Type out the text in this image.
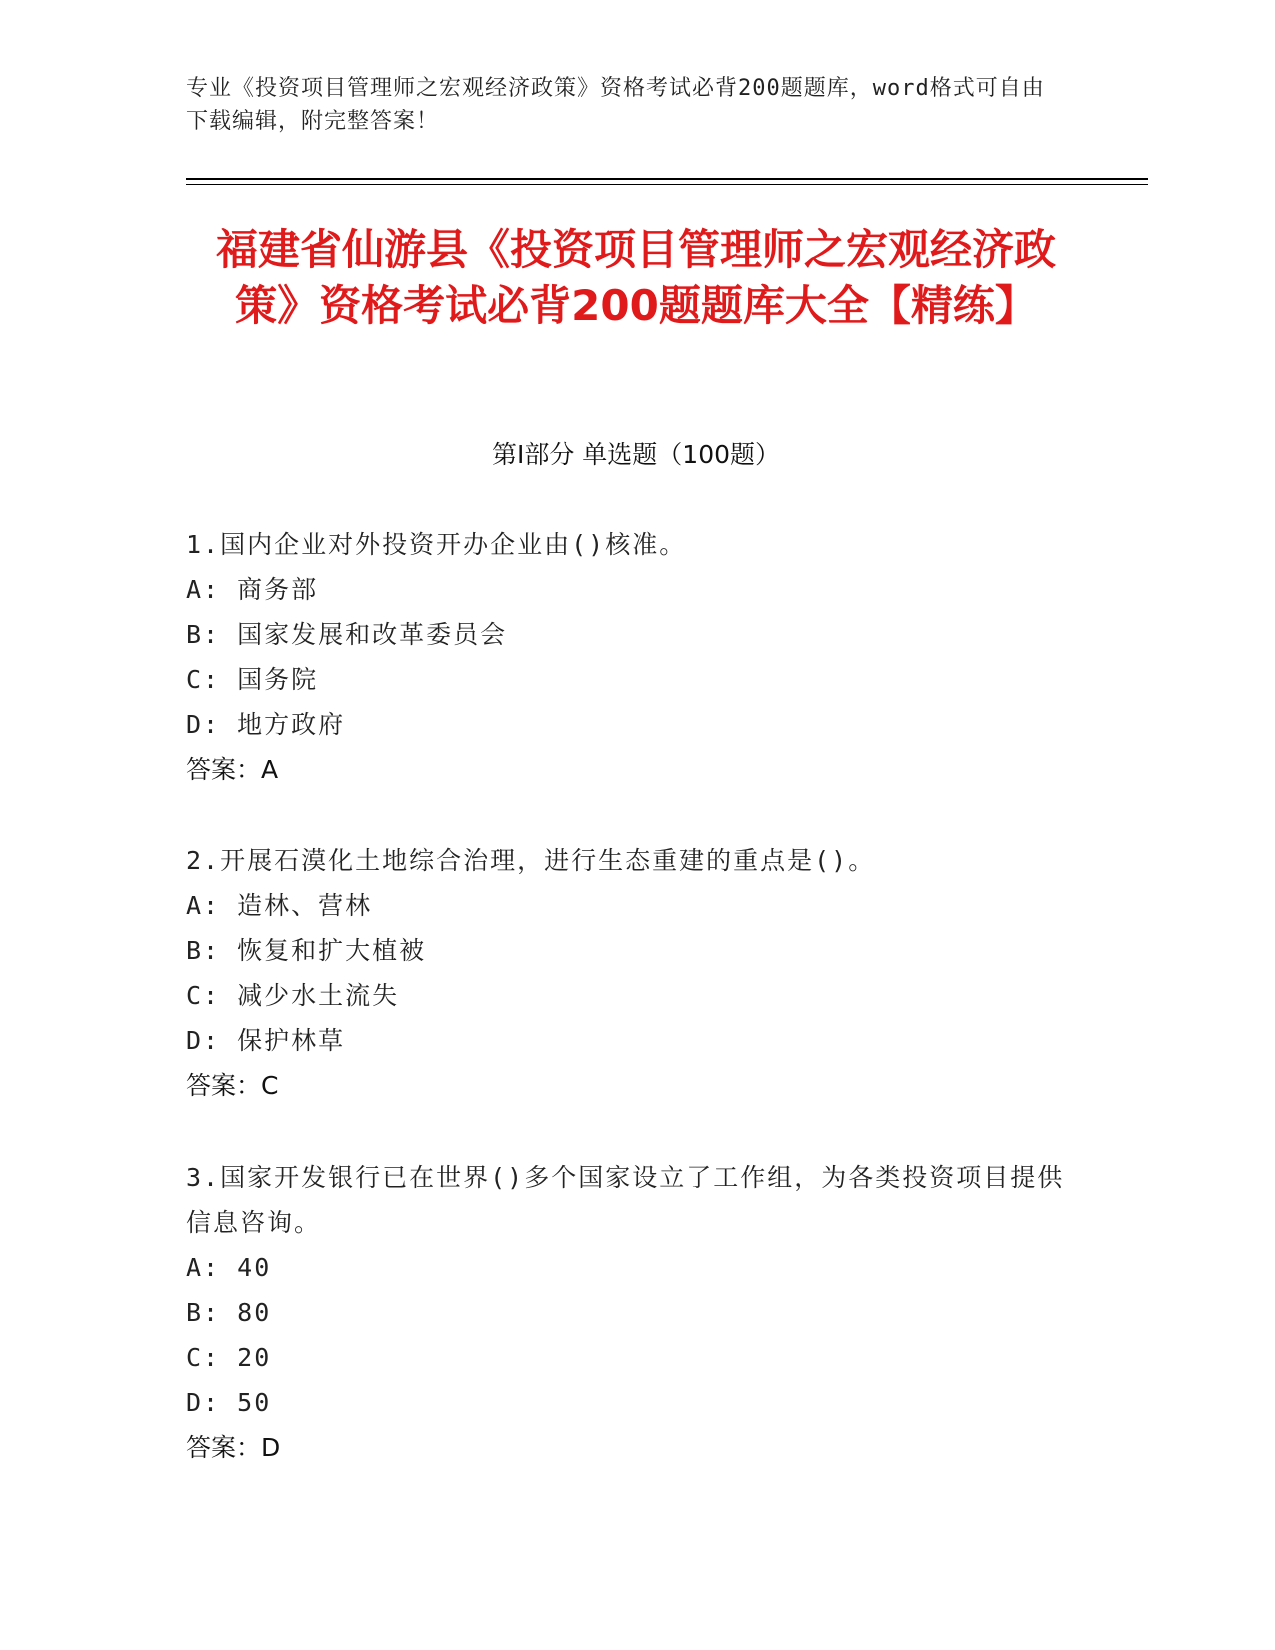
专业《投资项目管理师之宏观经济政策》资格考试必背200题题库，word格式可自由下载编辑，附完整答案！
福建省仙游县《投资项目管理师之宏观经济政策》资格考试必背200题题库大全【精练】
第Ⅰ部分 单选题（100题）
1.国内企业对外投资开办企业由()核准。
A: 商务部
B: 国家发展和改革委员会
C: 国务院
D: 地方政府
答案：A
2.开展石漠化土地综合治理，进行生态重建的重点是()。
A: 造林、营林
B: 恢复和扩大植被
C: 减少水土流失
D: 保护林草
答案：C
3.国家开发银行已在世界()多个国家设立了工作组，为各类投资项目提供信息咨询。
A: 40
B: 80
C: 20
D: 50
答案：D
